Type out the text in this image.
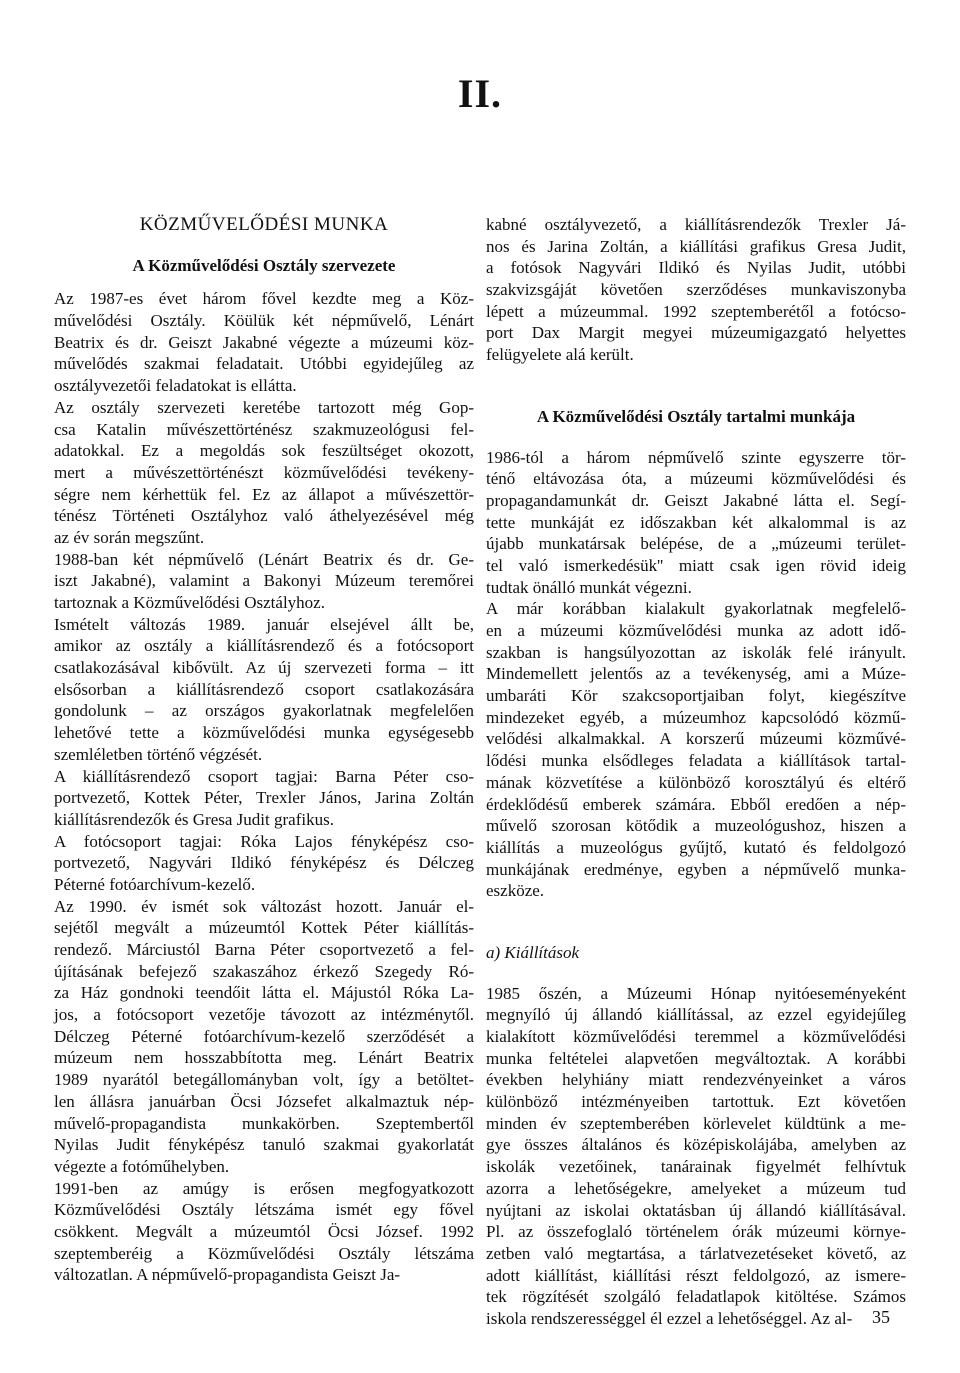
II.
KÖZMŰVELŐDÉSI MUNKA
A Közművelődési Osztály szervezete
Az 1987-es évet három fővel kezdte meg a Köz-
művelődési Osztály. Köülük két népművelő, Lénárt
Beatrix és dr. Geiszt Jakabné végezte a múzeumi köz-
művelődés szakmai feladatait. Utóbbi egyidejűleg az
osztályvezetői feladatokat is ellátta.
Az osztály szervezeti keretébe tartozott még Gop-
csa Katalin művészettörténész szakmuzeológusi fel-
adatokkal. Ez a megoldás sok feszültséget okozott,
mert a művészettörténészt közművelődési tevékeny-
ségre nem kérhettük fel. Ez az állapot a művészettör-
ténész Történeti Osztályhoz való áthelyezésével még
az év során megszűnt.
1988-ban két népművelő (Lénárt Beatrix és dr. Ge-
iszt Jakabné), valamint a Bakonyi Múzeum teremőrei
tartoznak a Közművelődési Osztályhoz.
Ismételt változás 1989. január elsejével állt be,
amikor az osztály a kiállításrendező és a fotócsoport
csatlakozásával kibővült. Az új szervezeti forma – itt
elsősorban a kiállításrendező csoport csatlakozására
gondolunk – az országos gyakorlatnak megfelelően
lehetővé tette a közművelődési munka egységesebb
szemléletben történő végzését.
A kiállításrendező csoport tagjai: Barna Péter cso-
portvezető, Kottek Péter, Trexler János, Jarina Zoltán
kiállításrendezők és Gresa Judit grafikus.
A fotócsoport tagjai: Róka Lajos fényképész cso-
portvezető, Nagyvári Ildikó fényképész és Délczeg
Péterné fotóarchívum-kezelő.
Az 1990. év ismét sok változást hozott. Január el-
sejétől megvált a múzeumtól Kottek Péter kiállítás-
rendező. Márciustól Barna Péter csoportvezető a fel-
újításának befejező szakaszához érkező Szegedy Ró-
za Ház gondnoki teendőit látta el. Májustól Róka La-
jos, a fotócsoport vezetője távozott az intézménytől.
Délczeg Péterné fotóarchívum-kezelő szerződését a
múzeum nem hosszabbította meg. Lénárt Beatrix
1989 nyarától betegállományban volt, így a betöltet-
len állásra januárban Öcsi Józsefet alkalmaztuk nép-
művelő-propagandista munkakörben. Szeptembertől
Nyilas Judit fényképész tanuló szakmai gyakorlatát
végezte a fotóműhelyben.
1991-ben az amúgy is erősen megfogyatkozott
Közművelődési Osztály létszáma ismét egy fővel
csökkent. Megvált a múzeumtól Öcsi József. 1992
szeptemberéig a Közművelődési Osztály létszáma
változatlan. A népművelő-propagandista Geiszt Ja-
kabné osztályvezető, a kiállításrendezők Trexler Já-
nos és Jarina Zoltán, a kiállítási grafikus Gresa Judit,
a fotósok Nagyvári Ildikó és Nyilas Judit, utóbbi
szakvizsgáját követően szerződéses munkaviszonyba
lépett a múzeummal. 1992 szeptemberétől a fotócso-
port Dax Margit megyei múzeumigazgató helyettes
felügyelete alá került.
A Közművelődési Osztály tartalmi munkája
1986-tól a három népművelő szinte egyszerre tör-
ténő eltávozása óta, a múzeumi közművelődési és
propagandamunkát dr. Geiszt Jakabné látta el. Segí-
tette munkáját ez időszakban két alkalommal is az
újabb munkatársak belépése, de a „múzeumi terület-
tel való ismerkedésük'' miatt csak igen rövid ideig
tudtak önálló munkát végezni.
A már korábban kialakult gyakorlatnak megfelelő-
en a múzeumi közművelődési munka az adott idő-
szakban is hangsúlyozottan az iskolák felé irányult.
Mindemellett jelentős az a tevékenység, ami a Múze-
umbaráti Kör szakcsoportjaiban folyt, kiegészítve
mindezeket egyéb, a múzeumhoz kapcsolódó közmű-
velődési alkalmakkal. A korszerű múzeumi közművé-
lődési munka elsődleges feladata a kiállítások tartal-
mának közvetítése a különböző korosztályú és eltérő
érdeklődésű emberek számára. Ebből eredően a nép-
művelő szorosan kötődik a muzeológushoz, hiszen a
kiállítás a muzeológus gyűjtő, kutató és feldolgozó
munkájának eredménye, egyben a népművelő munka-
eszköze.
a) Kiállítások
1985 őszén, a Múzeumi Hónap nyitóeseményeként
megnyíló új állandó kiállítással, az ezzel egyidejűleg
kialakított közművelődési teremmel a közművelődési
munka feltételei alapvetően megváltoztak. A korábbi
években helyhiány miatt rendezvényeinket a város
különböző intézményeiben tartottuk. Ezt követően
minden év szeptemberében körlevelet küldtünk a me-
gye összes általános és középiskolájába, amelyben az
iskolák vezetőinek, tanárainak figyelmét felhívtuk
azorra a lehetőségekre, amelyeket a múzeum tud
nyújtani az iskolai oktatásban új állandó kiállításával.
Pl. az összefoglaló történelem órák múzeumi környe-
zetben való megtartása, a tárlatvezetéseket követő, az
adott kiállítást, kiállítási részt feldolgozó, az ismere-
tek rögzítését szolgáló feladatlapok kitöltése. Számos
iskola rendszerességgel él ezzel a lehetőséggel. Az al-	35
